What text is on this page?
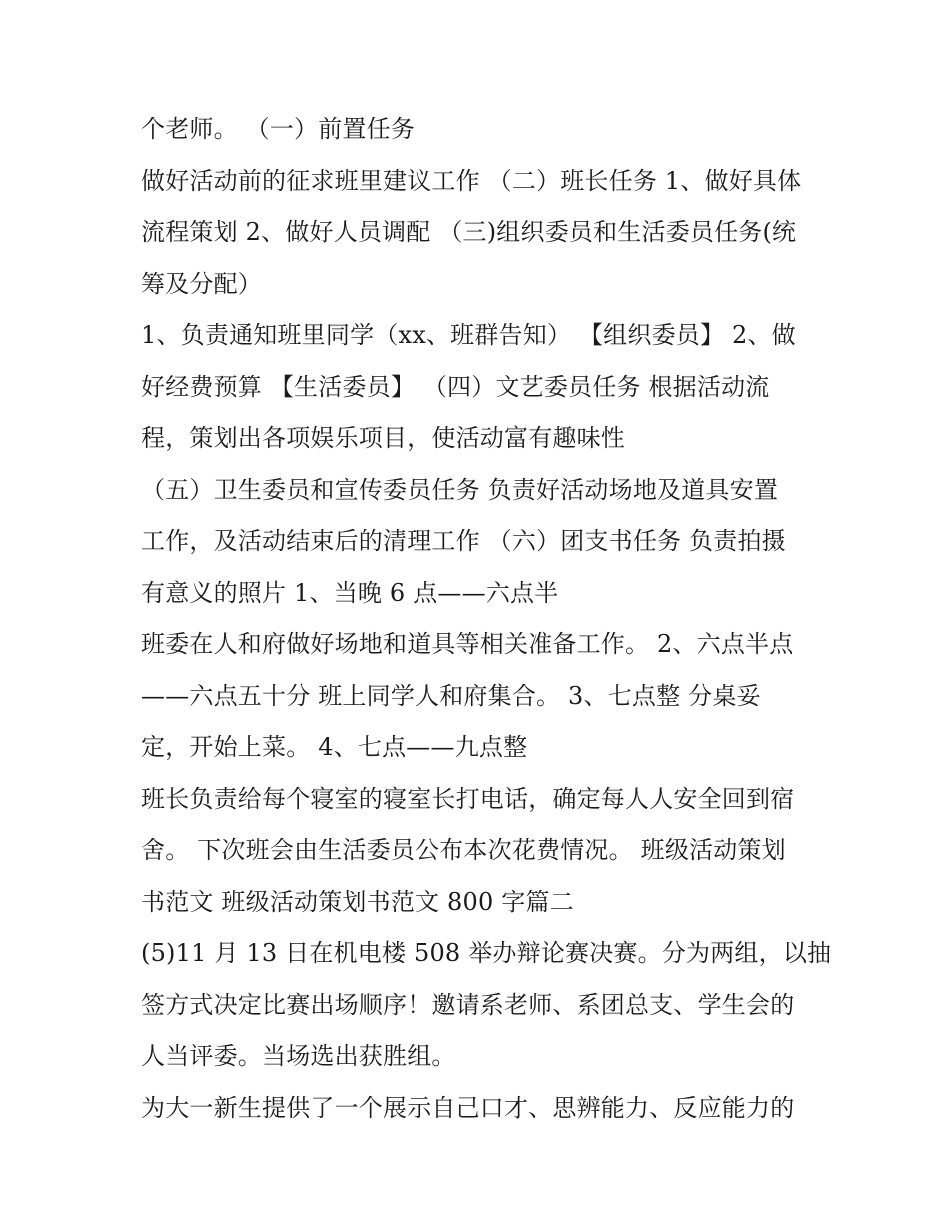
个老师。 （一）前置任务
做好活动前的征求班里建议工作 （二）班长任务 1、做好具体
流程策划 2、做好人员调配 （三)组织委员和生活委员任务(统
筹及分配）
1、负责通知班里同学（xx、班群告知） 【组织委员】 2、做
好经费预算 【生活委员】 （四）文艺委员任务 根据活动流
程，策划出各项娱乐项目，使活动富有趣味性
（五）卫生委员和宣传委员任务 负责好活动场地及道具安置
工作，及活动结束后的清理工作 （六）团支书任务 负责拍摄
有意义的照片 1、当晚 6 点——六点半
班委在人和府做好场地和道具等相关准备工作。 2、六点半点
——六点五十分 班上同学人和府集合。 3、七点整 分桌妥
定，开始上菜。 4、七点——九点整
班长负责给每个寝室的寝室长打电话，确定每人人安全回到宿
舍。 下次班会由生活委员公布本次花费情况。 班级活动策划
书范文 班级活动策划书范文 800 字篇二
(5)11 月 13 日在机电楼 508 举办辩论赛决赛。分为两组，以抽
签方式决定比赛出场顺序！邀请系老师、系团总支、学生会的
人当评委。当场选出获胜组。
为大一新生提供了一个展示自己口才、思辨能力、反应能力的
